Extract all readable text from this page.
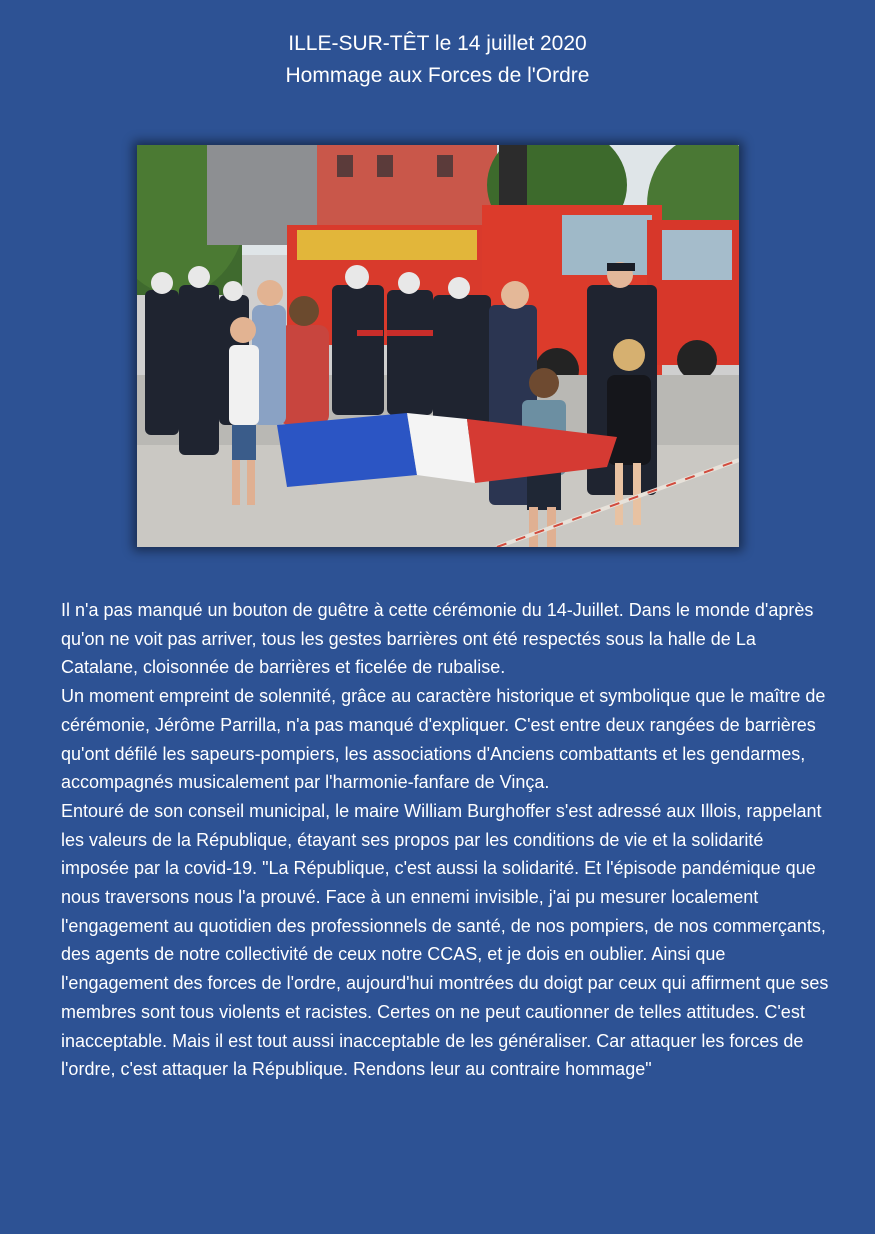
ILLE-SUR-TÊT le 14 juillet 2020
Hommage aux Forces de l'Ordre

Il n'a pas manqué un bouton de guêtre à cette cérémonie du 14-Juillet. Dans le monde d'après qu'on ne voit pas arriver, tous les gestes barrières ont été respectés sous la halle de La Catalane, cloisonnée de barrières et ficelée de rubalise.

Un moment empreint de solennité, grâce au caractère historique et symbolique que le maître de cérémonie, Jérôme Parrilla, n'a pas manqué d'expliquer. C'est entre deux rangées de barrières qu'ont défilé les sapeurs-pompiers, les associations d'Anciens combattants et les gendarmes, accompagnés musicalement par l'harmonie-fanfare de Vinça.

Entouré de son conseil municipal, le maire William Burghoffer s'est adressé aux Illois, rappelant les valeurs de la République, étayant ses propos par les conditions de vie et la solidarité imposée par la covid-19. "La République, c'est aussi la solidarité. Et l'épisode pandémique que nous traversons nous l'a prouvé. Face à un ennemi invisible, j'ai pu mesurer localement l'engagement au quotidien des professionnels de santé, de nos pompiers, de nos commerçants, des agents de notre collectivité de ceux notre CCAS, et je dois en oublier. Ainsi que l'engagement des forces de l'ordre, aujourd'hui montrées du doigt par ceux qui affirment que ses membres sont tous violents et racistes. Certes on ne peut cautionner de telles attitudes. C'est inacceptable. Mais il est tout aussi inacceptable de les généraliser. Car attaquer les forces de l'ordre, c'est attaquer la République. Rendons leur au contraire hommage"
